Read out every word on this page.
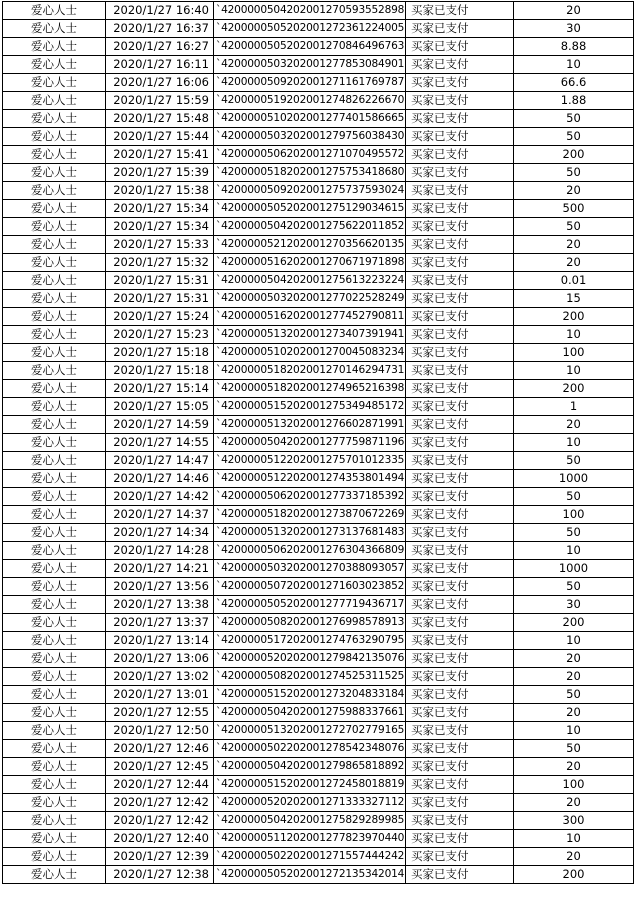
爱心人士	2020/1/27 16:40	`420000050420200127059355289​8	买家已支付	20
爱心人士	2020/1/27 16:37	`4200000505202001272361224005	买家已支付	30
爱心人士	2020/1/27 16:27	`4200000505202001270846496763	买家已支付	8.88
爱心人士	2020/1/27 16:11	`4200000503202001277853084901	买家已支付	10
爱心人士	2020/1/27 16:06	`4200000509202001271161769787	买家已支付	66.6
爱心人士	2020/1/27 15:59	`4200000519202001274826226670	买家已支付	1.88
爱心人士	2020/1/27 15:48	`4200000510202001277401586665	买家已支付	50
爱心人士	2020/1/27 15:44	`4200000503202001279756038430	买家已支付	50
爱心人士	2020/1/27 15:41	`4200000506202001271070495572	买家已支付	200
爱心人士	2020/1/27 15:39	`4200000518202001275753418680	买家已支付	50
爱心人士	2020/1/27 15:38	`4200000509202001275737593024	买家已支付	20
爱心人士	2020/1/27 15:34	`4200000505202001275129034615	买家已支付	500
爱心人士	2020/1/27 15:34	`4200000504202001275622011852	买家已支付	50
爱心人士	2020/1/27 15:33	`4200000521202001270356620135	买家已支付	20
爱心人士	2020/1/27 15:32	`4200000516202001270671971898	买家已支付	20
爱心人士	2020/1/27 15:31	`4200000504202001275613223224	买家已支付	0.01
爱心人士	2020/1/27 15:31	`4200000503202001277022528249	买家已支付	15
爱心人士	2020/1/27 15:24	`4200000516202001277452790811	买家已支付	200
爱心人士	2020/1/27 15:23	`4200000513202001273407391941	买家已支付	10
爱心人士	2020/1/27 15:18	`4200000510202001270045083234	买家已支付	100
爱心人士	2020/1/27 15:18	`4200000518202001270146294731	买家已支付	10
爱心人士	2020/1/27 15:14	`4200000518202001274965216398	买家已支付	200
爱心人士	2020/1/27 15:05	`4200000515202001275349485172	买家已支付	1
爱心人士	2020/1/27 14:59	`4200000513202001276602871991	买家已支付	20
爱心人士	2020/1/27 14:55	`4200000504202001277759871196	买家已支付	10
爱心人士	2020/1/27 14:47	`4200000512202001275701012335	买家已支付	50
爱心人士	2020/1/27 14:46	`4200000512202001274353801494	买家已支付	1000
爱心人士	2020/1/27 14:42	`4200000506202001277337185392	买家已支付	50
爱心人士	2020/1/27 14:37	`4200000518202001273870672269	买家已支付	100
爱心人士	2020/1/27 14:34	`4200000513202001273137681483	买家已支付	50
爱心人士	2020/1/27 14:28	`4200000506202001276304366809	买家已支付	10
爱心人士	2020/1/27 14:21	`4200000503202001270388093057	买家已支付	1000
爱心人士	2020/1/27 13:56	`4200000507202001271603023852	买家已支付	50
爱心人士	2020/1/27 13:38	`4200000505202001277719436717	买家已支付	30
爱心人士	2020/1/27 13:37	`4200000508202001276998578913	买家已支付	200
爱心人士	2020/1/27 13:14	`4200000517202001274763290795	买家已支付	10
爱心人士	2020/1/27 13:06	`4200000520202001279842135076	买家已支付	20
爱心人士	2020/1/27 13:02	`4200000508202001274525311525	买家已支付	20
爱心人士	2020/1/27 13:01	`4200000515202001273204833184	买家已支付	50
爱心人士	2020/1/27 12:55	`4200000504202001275988337661	买家已支付	20
爱心人士	2020/1/27 12:50	`4200000513202001272702779165	买家已支付	10
爱心人士	2020/1/27 12:46	`4200000502202001278542348076	买家已支付	50
爱心人士	2020/1/27 12:45	`4200000504202001279865818892	买家已支付	20
爱心人士	2020/1/27 12:44	`4200000515202001272458018819	买家已支付	100
爱心人士	2020/1/27 12:42	`4200000520202001271333327112	买家已支付	20
爱心人士	2020/1/27 12:42	`4200000504202001275829289985	买家已支付	300
爱心人士	2020/1/27 12:40	`4200000511202001277823970440	买家已支付	10
爱心人士	2020/1/27 12:39	`4200000502202001271557444242	买家已支付	20
爱心人士	2020/1/27 12:38	`4200000505202001272135342014	买家已支付	200
